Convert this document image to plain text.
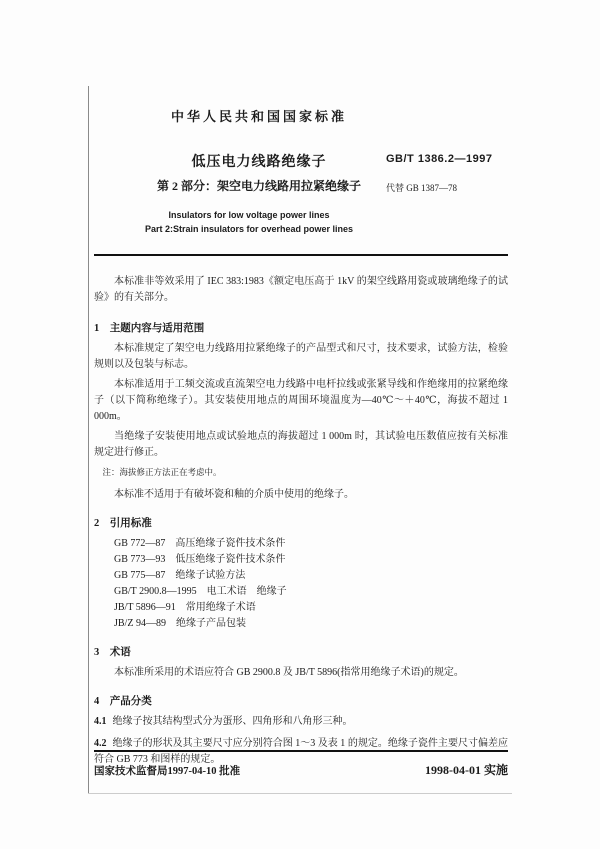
中华人民共和国国家标准
GB/T 1386.2—1997
代替 GB 1387—78
低压电力线路绝缘子
第 2 部分：架空电力线路用拉紧绝缘子
Insulators for low voltage power lines
Part 2:Strain insulators for overhead power lines

本标准非等效采用了 IEC 383:1983《额定电压高于 1kV 的架空线路用瓷或玻璃绝缘子的试验》的有关部分。

1　主题内容与适用范围

本标准规定了架空电力线路用拉紧绝缘子的产品型式和尺寸，技术要求，试验方法，检验规则以及包装与标志。

本标准适用于工频交流或直流架空电力线路中电杆拉线或张紧导线和作绝缘用的拉紧绝缘子（以下简称绝缘子）。其安装使用地点的周围环境温度为—40℃～＋40℃，海拔不超过 1 000m。

当绝缘子安装使用地点或试验地点的海拔超过 1 000m 时，其试验电压数值应按有关标准规定进行修正。

注：海拔修正方法正在考虑中。

本标准不适用于有破坏瓷和釉的介质中使用的绝缘子。

2　引用标准

GB 772—87　高压绝缘子瓷件技术条件
GB 773—93　低压绝缘子瓷件技术条件
GB 775—87　绝缘子试验方法
GB/T 2900.8—1995　电工术语　绝缘子
JB/T 5896—91　常用绝缘子术语
JB/Z 94—89　绝缘子产品包装

3　术语

本标准所采用的术语应符合 GB 2900.8 及 JB/T 5896(指常用绝缘子术语)的规定。

4　产品分类

4.1 绝缘子按其结构型式分为蛋形、四角形和八角形三种。

4.2 绝缘子的形状及其主要尺寸应分别符合图 1～3 及表 1 的规定。绝缘子瓷件主要尺寸偏差应符合 GB 773 和图样的规定。

国家技术监督局1997-04-10 批准	1998-04-01 实施
